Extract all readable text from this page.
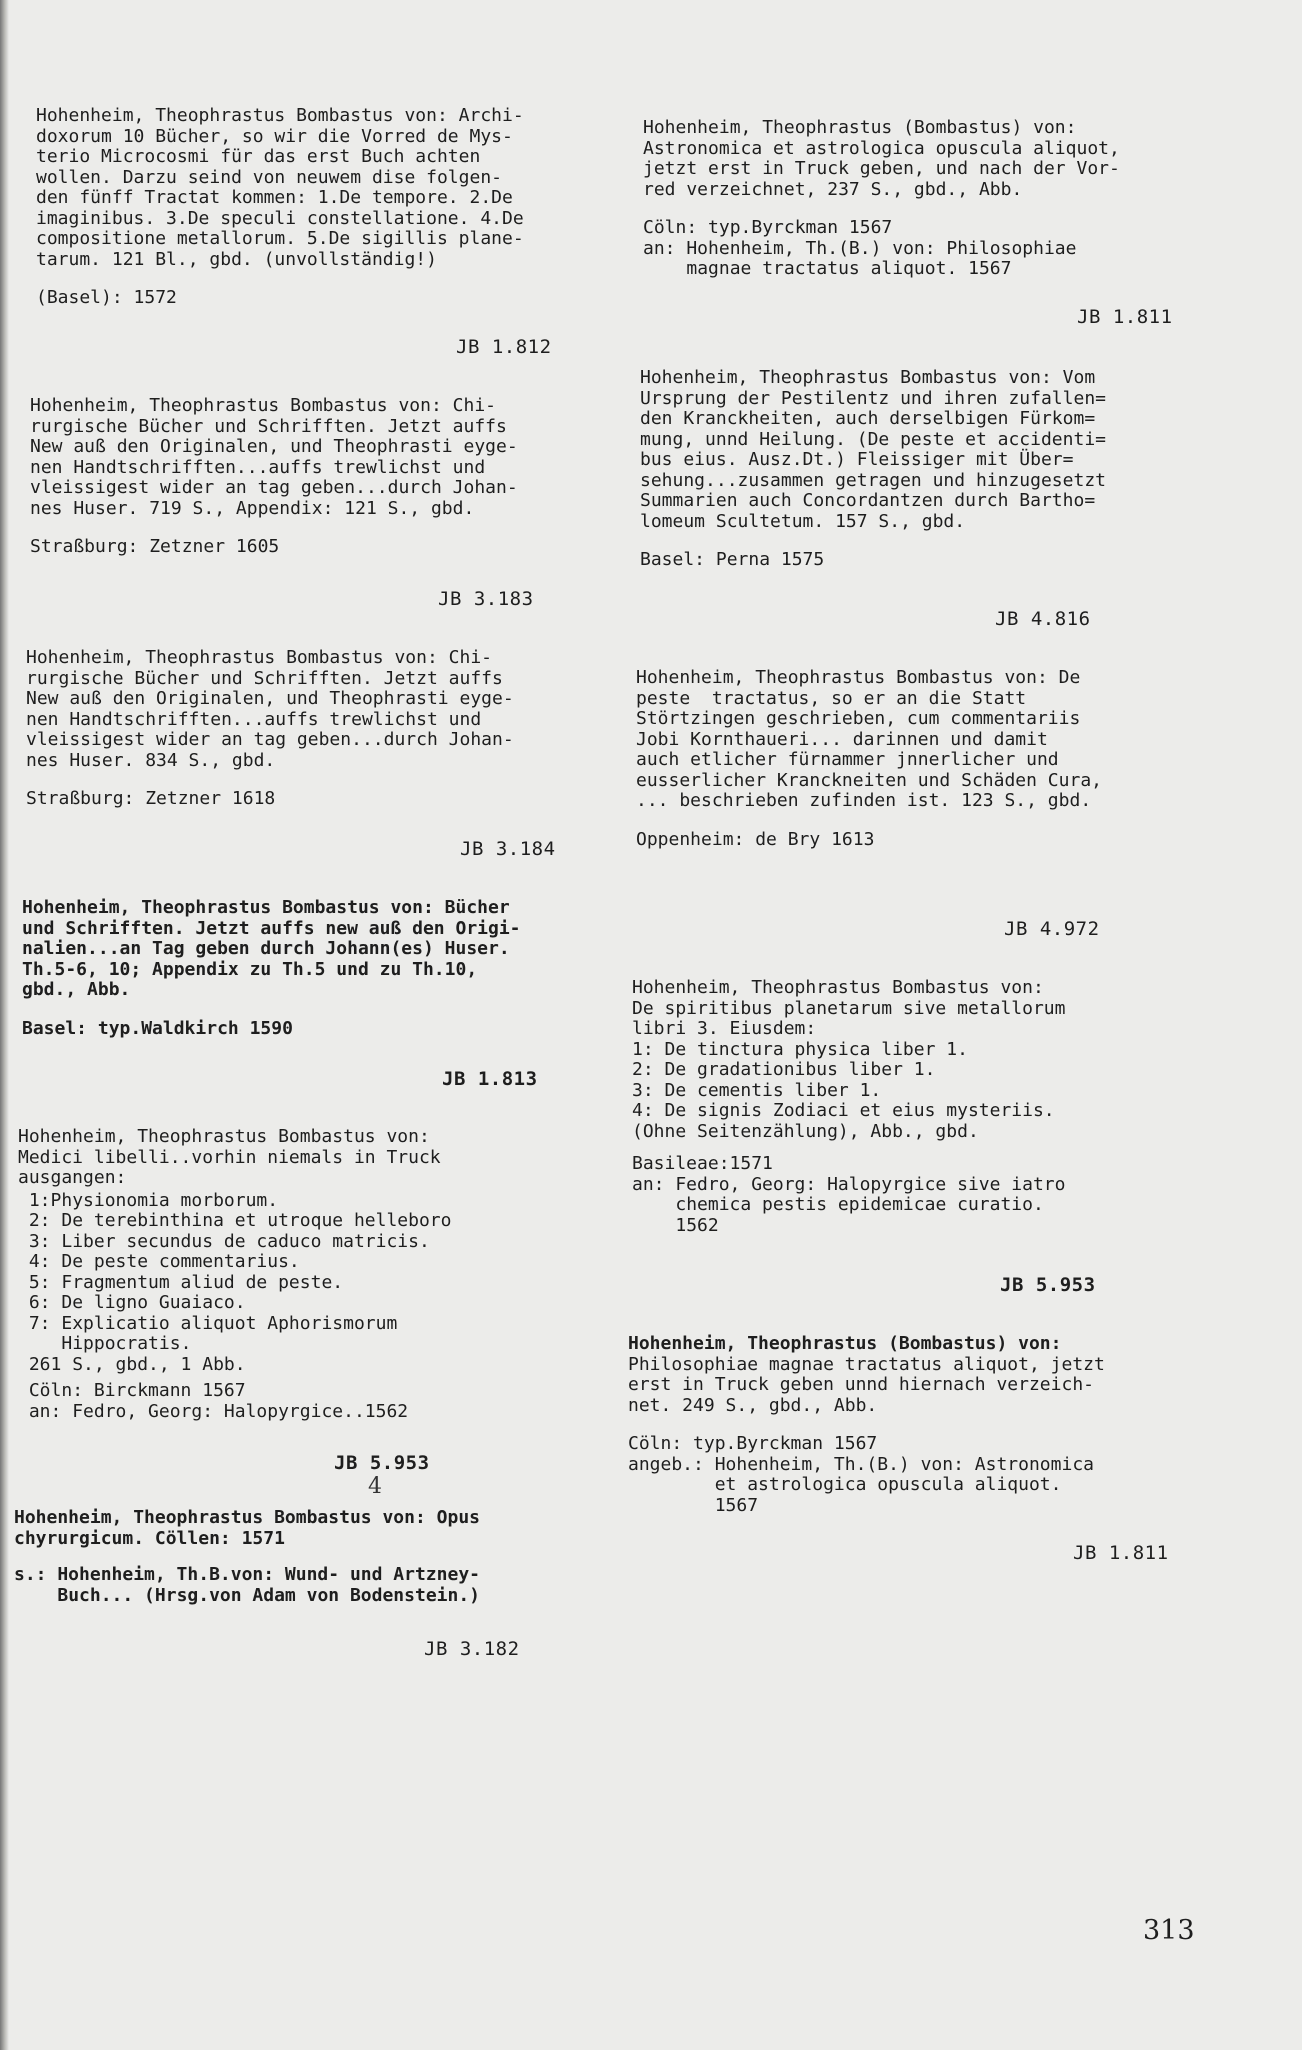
Hohenheim, Theophrastus Bombastus von: Archi-

doxorum 10 Bücher, so wir die Vorred de Mys-

terio Microcosmi für das erst Buch achten

wollen. Darzu seind von neuwem dise folgen-

den fünff Tractat kommen: 1.De tempore. 2.De

imaginibus. 3.De speculi constellatione. 4.De

compositione metallorum. 5.De sigillis plane-

tarum. 121 Bl., gbd. (unvollständig!)

(Basel): 1572

JB 1.812

Hohenheim, Theophrastus Bombastus von: Chi-

rurgische Bücher und Schrifften. Jetzt auffs

New auß den Originalen, und Theophrasti eyge-

nen Handtschrifften...auffs trewlichst und

vleissigest wider an tag geben...durch Johan-

nes Huser. 719 S., Appendix: 121 S., gbd.

Straßburg: Zetzner 1605

JB 3.183

Hohenheim, Theophrastus Bombastus von: Chi-

rurgische Bücher und Schrifften. Jetzt auffs

New auß den Originalen, und Theophrasti eyge-

nen Handtschrifften...auffs trewlichst und

vleissigest wider an tag geben...durch Johan-

nes Huser. 834 S., gbd.

Straßburg: Zetzner 1618

JB 3.184

Hohenheim, Theophrastus Bombastus von: Bücher

und Schrifften. Jetzt auffs new auß den Origi-

nalien...an Tag geben durch Johann(es) Huser.

Th.5-6, 10; Appendix zu Th.5 und zu Th.10,

gbd., Abb.

Basel: typ.Waldkirch 1590

JB 1.813

Hohenheim, Theophrastus Bombastus von:

Medici libelli..vorhin niemals in Truck

ausgangen:

1:Physionomia morborum.
2: De terebinthina et utroque helleboro
3: Liber secundus de caduco matricis.
4: De peste commentarius.
5: Fragmentum aliud de peste.
6: De ligno Guaiaco.
7: Explicatio aliquot Aphorismorum
Hippocratis.
261 S., gbd., 1 Abb.

Cöln: Birckmann 1567

an: Fedro, Georg: Halopyrgice..1562

JB 5.953
4

Hohenheim, Theophrastus Bombastus von: Opus

chyrurgicum. Cöllen: 1571

s.: Hohenheim, Th.B.von: Wund- und Artzney-
Buch... (Hrsg.von Adam von Bodenstein.)

JB 3.182

Hohenheim, Theophrastus (Bombastus) von:

Astronomica et astrologica opuscula aliquot,

jetzt erst in Truck geben, und nach der Vor-

red verzeichnet, 237 S., gbd., Abb.

Cöln: typ.Byrckman 1567

an: Hohenheim, Th.(B.) von: Philosophiae
magnae tractatus aliquot. 1567

JB 1.811

Hohenheim, Theophrastus Bombastus von: Vom

Ursprung der Pestilentz und ihren zufallen=

den Kranckheiten, auch derselbigen Fürkom=

mung, unnd Heilung. (De peste et accidenti=

bus eius. Ausz.Dt.) Fleissiger mit Über=

sehung...zusammen getragen und hinzugesetzt

Summarien auch Concordantzen durch Bartho=

lomeum Scultetum. 157 S., gbd.

Basel: Perna 1575

JB 4.816

Hohenheim, Theophrastus Bombastus von: De

peste  tractatus, so er an die Statt

Störtzingen geschrieben, cum commentariis

Jobi Kornthaueri... darinnen und damit

auch etlicher fürnammer jnnerlicher und

eusserlicher Kranckneiten und Schäden Cura,

... beschrieben zufinden ist. 123 S., gbd.

Oppenheim: de Bry 1613

JB 4.972

Hohenheim, Theophrastus Bombastus von:

De spiritibus planetarum sive metallorum

libri 3. Eiusdem:

1: De tinctura physica liber 1.
2: De gradationibus liber 1.
3: De cementis liber 1.
4: De signis Zodiaci et eius mysteriis.
(Ohne Seitenzählung), Abb., gbd.

Basileae:1571

an: Fedro, Georg: Halopyrgice sive iatro
chemica pestis epidemicae curatio.
1562

JB 5.953

Hohenheim, Theophrastus (Bombastus) von:

Philosophiae magnae tractatus aliquot, jetzt

erst in Truck geben unnd hiernach verzeich-

net. 249 S., gbd., Abb.

Cöln: typ.Byrckman 1567

angeb.: Hohenheim, Th.(B.) von: Astronomica
et astrologica opuscula aliquot.
1567

JB 1.811
313
